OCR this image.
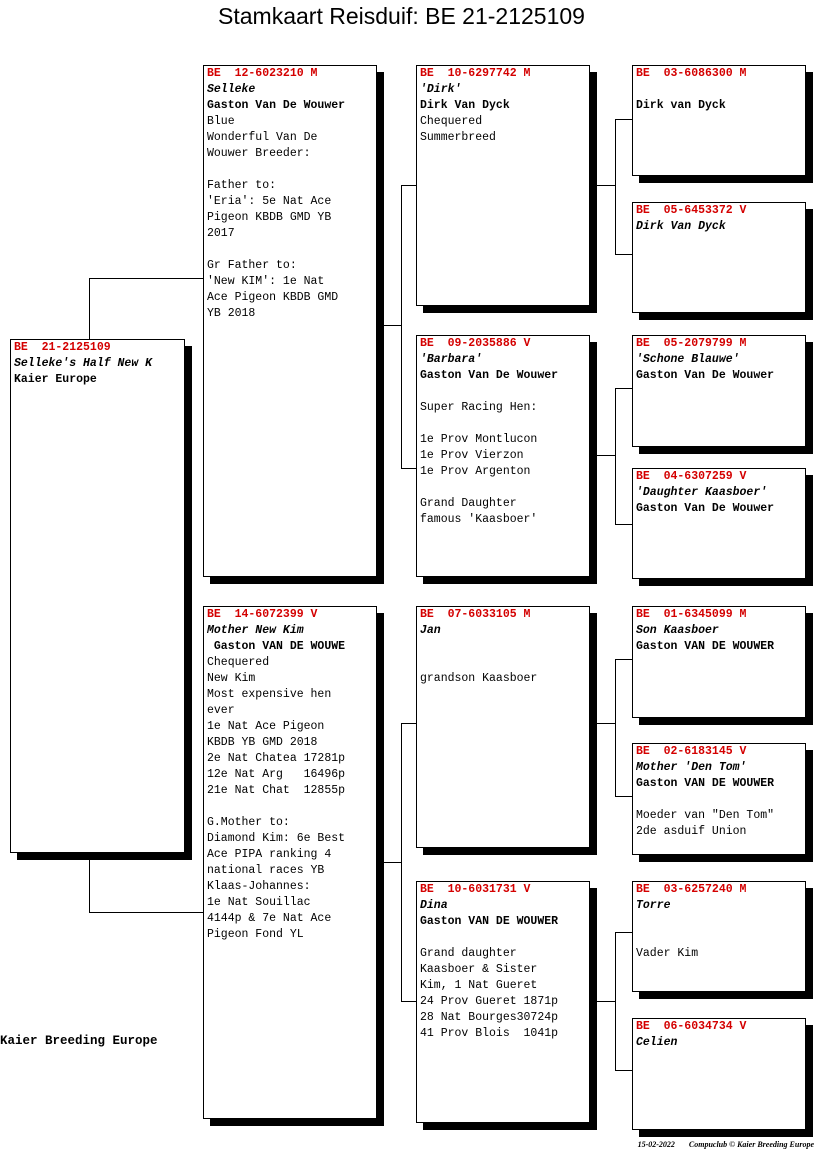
Stamkaart Reisduif: BE 21-2125109
BE  21-2125109
Selleke's Half New K
Kaier Europe
BE  12-6023210 M
Selleke
Gaston Van De Wouwer
Blue
Wonderful Van De
Wouwer Breeder:
Father to:
'Eria': 5e Nat Ace
Pigeon KBDB GMD YB
2017
Gr Father to:
'New KIM': 1e Nat
Ace Pigeon KBDB GMD
YB 2018
BE  14-6072399 V
Mother New Kim
Gaston VAN DE WOUWE
Chequered
New Kim
Most expensive hen
ever
1e Nat Ace Pigeon
KBDB YB GMD 2018
2e Nat Chatea 17281p
12e Nat Arg   16496p
21e Nat Chat  12855p
G.Mother to:
Diamond Kim: 6e Best
Ace PIPA ranking 4
national races YB
Klaas-Johannes:
1e Nat Souillac
4144p & 7e Nat Ace
Pigeon Fond YL
BE  10-6297742 M
'Dirk'
Dirk Van Dyck
Chequered
Summerbreed
BE  09-2035886 V
'Barbara'
Gaston Van De Wouwer
Super Racing Hen:
1e Prov Montlucon
1e Prov Vierzon
1e Prov Argenton
Grand Daughter
famous 'Kaasboer'
BE  07-6033105 M
Jan
grandson Kaasboer
BE  10-6031731 V
Dina
Gaston VAN DE WOUWER
Grand daughter
Kaasboer & Sister
Kim, 1 Nat Gueret
24 Prov Gueret 1871p
28 Nat Bourges30724p
41 Prov Blois  1041p
BE  03-6086300 M
Dirk van Dyck
BE  05-6453372 V
Dirk Van Dyck
BE  05-2079799 M
'Schone Blauwe'
Gaston Van De Wouwer
BE  04-6307259 V
'Daughter Kaasboer'
Gaston Van De Wouwer
BE  01-6345099 M
Son Kaasboer
Gaston VAN DE WOUWER
BE  02-6183145 V
Mother 'Den Tom'
Gaston VAN DE WOUWER
Moeder van "Den Tom"
2de asduif Union
BE  03-6257240 M
Torre
Vader Kim
BE  06-6034734 V
Celien
Kaier Breeding Europe
15-02-2022 Compuclub © Kaier Breeding Europe
